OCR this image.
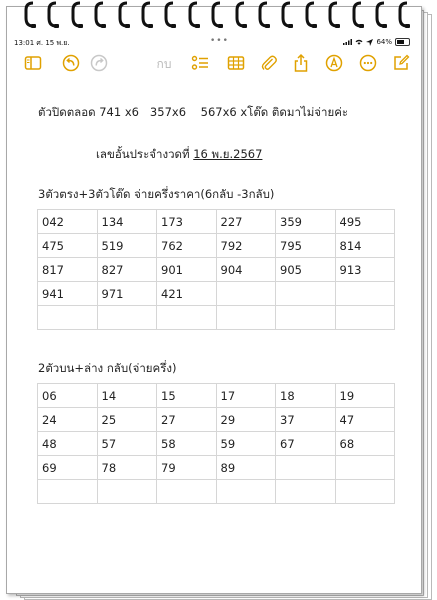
13:01 ศ. 15 พ.ย.	•••	64%
กบ
ตัวปิดตลอด 741 x6   357x6    567x6 xโต๊ด ติดมาไม่จ่ายค่ะ
เลขอั้นประจำงวดที่ 16 พ.ย.2567
3ตัวตรง+3ตัวโต๊ด จ่ายครึ่งราคา(6กลับ -3กลับ)
042	134	173	227	359	495
475	519	762	792	795	814
817	827	901	904	905	913
941	971	421			

2ตัวบน+ล่าง กลับ(จ่ายครึ่ง)
06	14	15	17	18	19
24	25	27	29	37	47
48	57	58	59	67	68
69	78	79	89		
